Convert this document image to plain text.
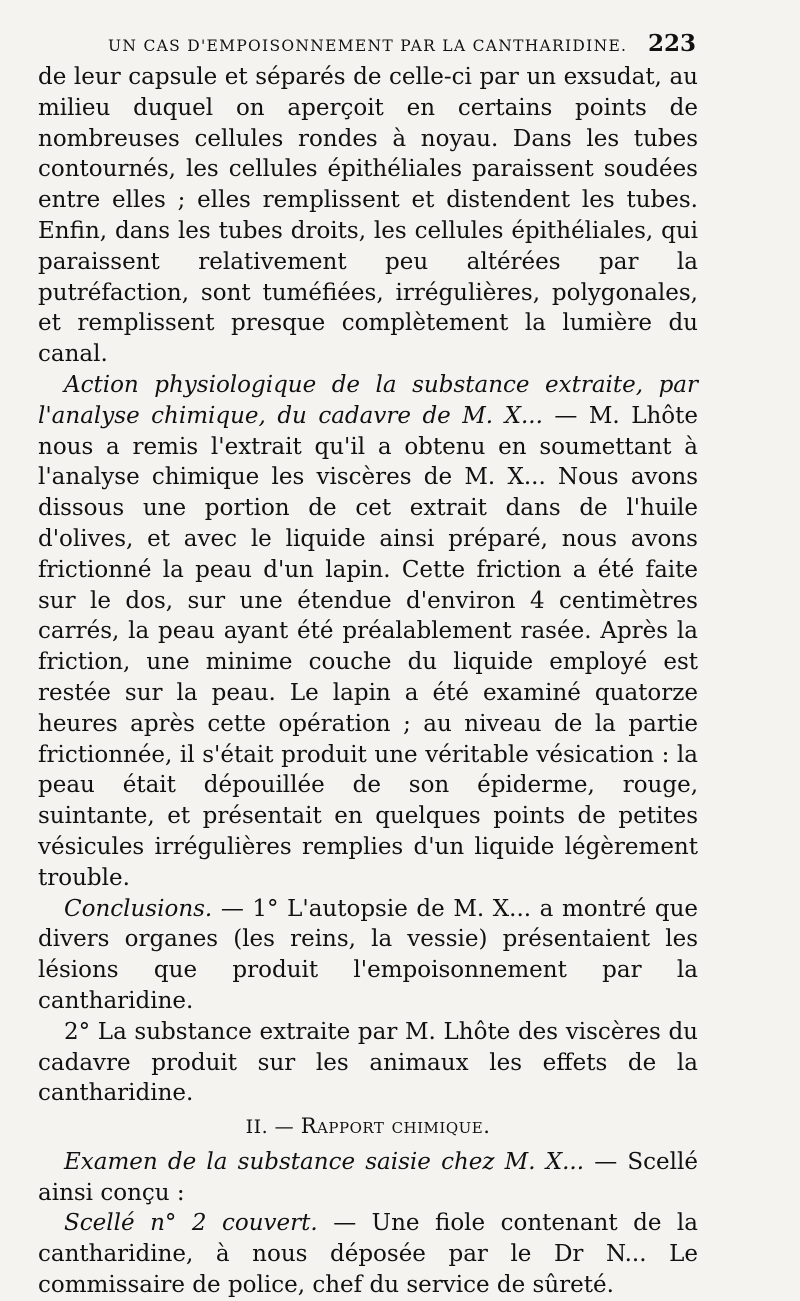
UN CAS D'EMPOISONNEMENT PAR LA CANTHARIDINE. 223

de leur capsule et séparés de celle-ci par un exsudat, au milieu duquel on aperçoit en certains points de nombreuses cellules rondes à noyau. Dans les tubes contournés, les cellules épithéliales paraissent soudées entre elles ; elles remplissent et distendent les tubes. Enfin, dans les tubes droits, les cellules épithéliales, qui paraissent relativement peu altérées par la putréfaction, sont tuméfiées, irrégulières, polygonales, et remplissent presque complètement la lumière du canal.

Action physiologique de la substance extraite, par l'analyse chimique, du cadavre de M. X... — M. Lhôte nous a remis l'extrait qu'il a obtenu en soumettant à l'analyse chimique les viscères de M. X... Nous avons dissous une portion de cet extrait dans de l'huile d'olives, et avec le liquide ainsi préparé, nous avons frictionné la peau d'un lapin. Cette friction a été faite sur le dos, sur une étendue d'environ 4 centimètres carrés, la peau ayant été préalablement rasée. Après la friction, une minime couche du liquide employé est restée sur la peau. Le lapin a été examiné quatorze heures après cette opération ; au niveau de la partie frictionnée, il s'était produit une véritable vésication : la peau était dépouillée de son épiderme, rouge, suintante, et présentait en quelques points de petites vésicules irrégulières remplies d'un liquide légèrement trouble.

Conclusions. — 1° L'autopsie de M. X... a montré que divers organes (les reins, la vessie) présentaient les lésions que produit l'empoisonnement par la cantharidine.

2° La substance extraite par M. Lhôte des viscères du cadavre produit sur les animaux les effets de la cantharidine.

II. — Rapport chimique.

Examen de la substance saisie chez M. X... — Scellé ainsi conçu :

Scellé n° 2 couvert. — Une fiole contenant de la cantharidine, à nous déposée par le Dr N... Le commissaire de police, chef du service de sûreté.
